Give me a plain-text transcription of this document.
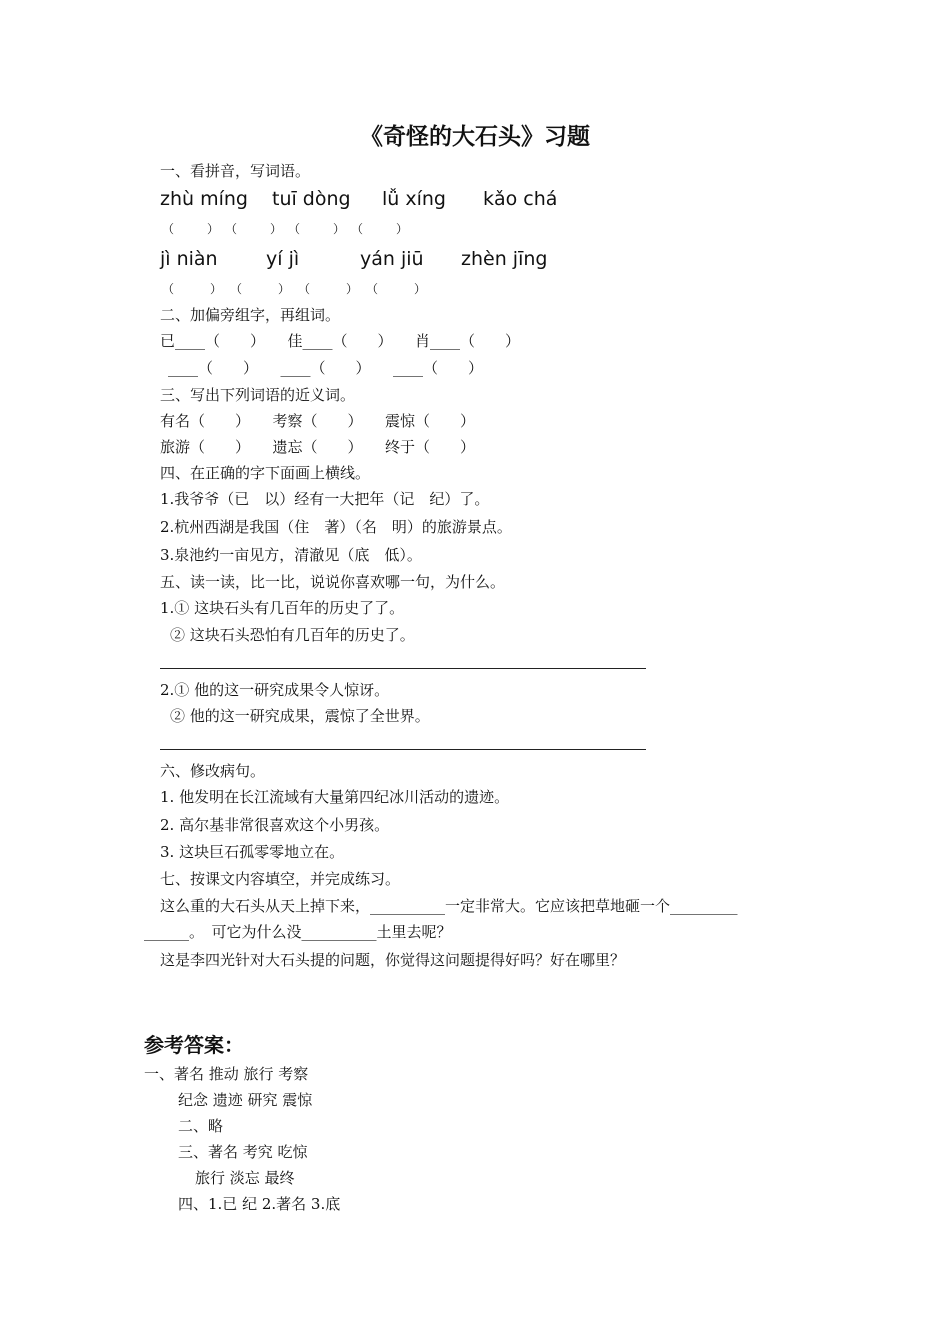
《奇怪的大石头》习题
一、看拼音，写词语。
zhù míng tuī dòng lǚ xíng kǎo chá
（　　）　（　　）　（　　）　（　　）
jì niàn	yí jì	yán jiū zhèn jīng
（　　）　（　　）　（　　）　（　　）
二、加偏旁组字，再组词。
已____（　　）　　佳____（　　）　　肖____（　　）
____（　　）　　____（　　）　　____（　　）
三、写出下列词语的近义词。
有名（　　）　　考察（　　）　　震惊（　　）
旅游（　　）　　遗忘（　　）　　终于（　　）
四、在正确的字下面画上横线。
1.我爷爷（已　以）经有一大把年（记　纪）了。
2.杭州西湖是我国（住　著）（名　明）的旅游景点。
3.泉池约一亩见方，清澈见（底　低）。
五、读一读，比一比，说说你喜欢哪一句，为什么。
1.① 这块石头有几百年的历史了了。
② 这块石头恐怕有几百年的历史了。
2.① 他的这一研究成果令人惊讶。
② 他的这一研究成果，震惊了全世界。
六、修改病句。
1. 他发明在长江流域有大量第四纪冰川活动的遗迹。
2. 高尔基非常很喜欢这个小男孩。
3. 这块巨石孤零零地立在。
七、按课文内容填空，并完成练习。
这么重的大石头从天上掉下来，__________一定非常大。它应该把草地砸一个_________
______。　可它为什么没__________土里去呢？
这是李四光针对大石头提的问题，你觉得这问题提得好吗？好在哪里？
参考答案：
一、著名 推动 旅行 考察
纪念 遗迹 研究 震惊
二、略
三、著名 考究 吃惊
旅行 淡忘 最终
四、1.已 纪 2.著名 3.底
